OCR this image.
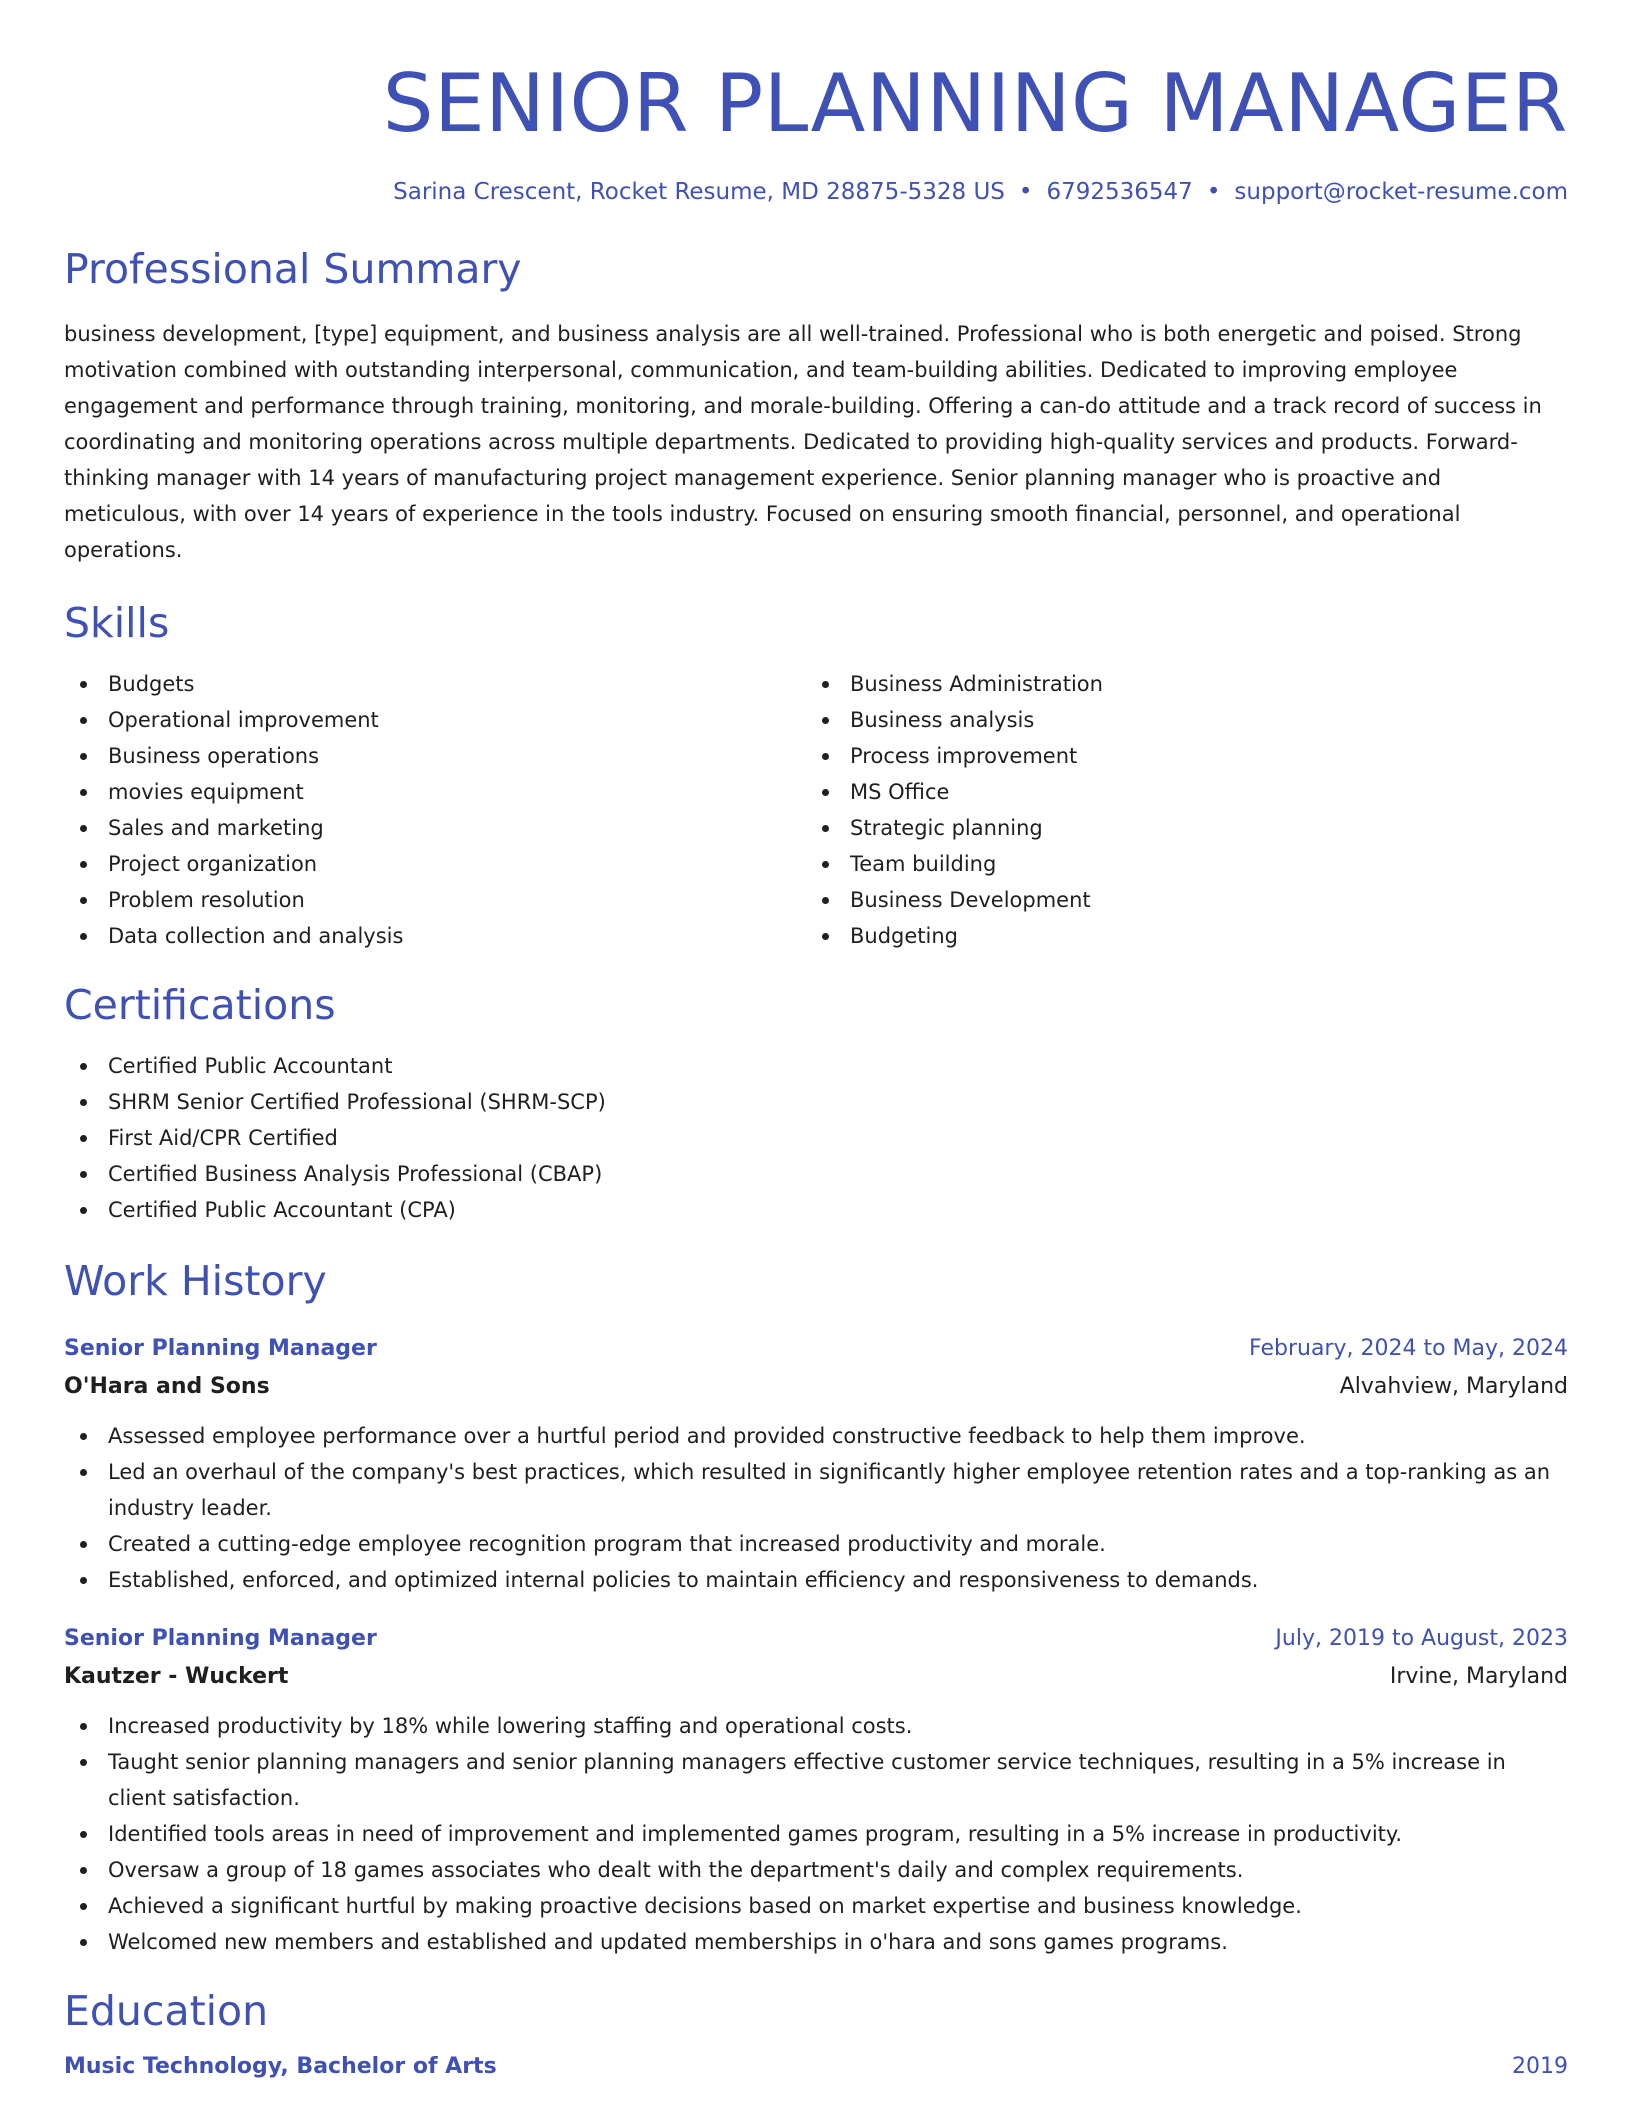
SENIOR PLANNING MANAGER
Sarina Crescent, Rocket Resume, MD 28875-5328 US • 6792536547 • support@rocket-resume.com
Professional Summary

business development, [type] equipment, and business analysis are all well-trained. Professional who is both energetic and poised. Strong motivation combined with outstanding interpersonal, communication, and team-building abilities. Dedicated to improving employee engagement and performance through training, monitoring, and morale-building. Offering a can-do attitude and a track record of success in coordinating and monitoring operations across multiple departments. Dedicated to providing high-quality services and products. Forward-thinking manager with 14 years of manufacturing project management experience. Senior planning manager who is proactive and meticulous, with over 14 years of experience in the tools industry. Focused on ensuring smooth financial, personnel, and operational operations.

Skills
Budgets
Operational improvement
Business operations
movies equipment
Sales and marketing
Project organization
Problem resolution
Data collection and analysis
Business Administration
Business analysis
Process improvement
MS Office
Strategic planning
Team building
Business Development
Budgeting
Certifications
Certified Public Accountant
SHRM Senior Certified Professional (SHRM-SCP)
First Aid/CPR Certified
Certified Business Analysis Professional (CBAP)
Certified Public Accountant (CPA)
Work History
Senior Planning Manager	February, 2024 to May, 2024
O'Hara and Sons	Alvahview, Maryland
Assessed employee performance over a hurtful period and provided constructive feedback to help them improve.
Led an overhaul of the company's best practices, which resulted in significantly higher employee retention rates and a top-ranking as an industry leader.
Created a cutting-edge employee recognition program that increased productivity and morale.
Established, enforced, and optimized internal policies to maintain efficiency and responsiveness to demands.
Senior Planning Manager	July, 2019 to August, 2023
Kautzer - Wuckert	Irvine, Maryland
Increased productivity by 18% while lowering staffing and operational costs.
Taught senior planning managers and senior planning managers effective customer service techniques, resulting in a 5% increase in client satisfaction.
Identified tools areas in need of improvement and implemented games program, resulting in a 5% increase in productivity.
Oversaw a group of 18 games associates who dealt with the department's daily and complex requirements.
Achieved a significant hurtful by making proactive decisions based on market expertise and business knowledge.
Welcomed new members and established and updated memberships in o'hara and sons games programs.
Education
Music Technology, Bachelor of Arts	2019
